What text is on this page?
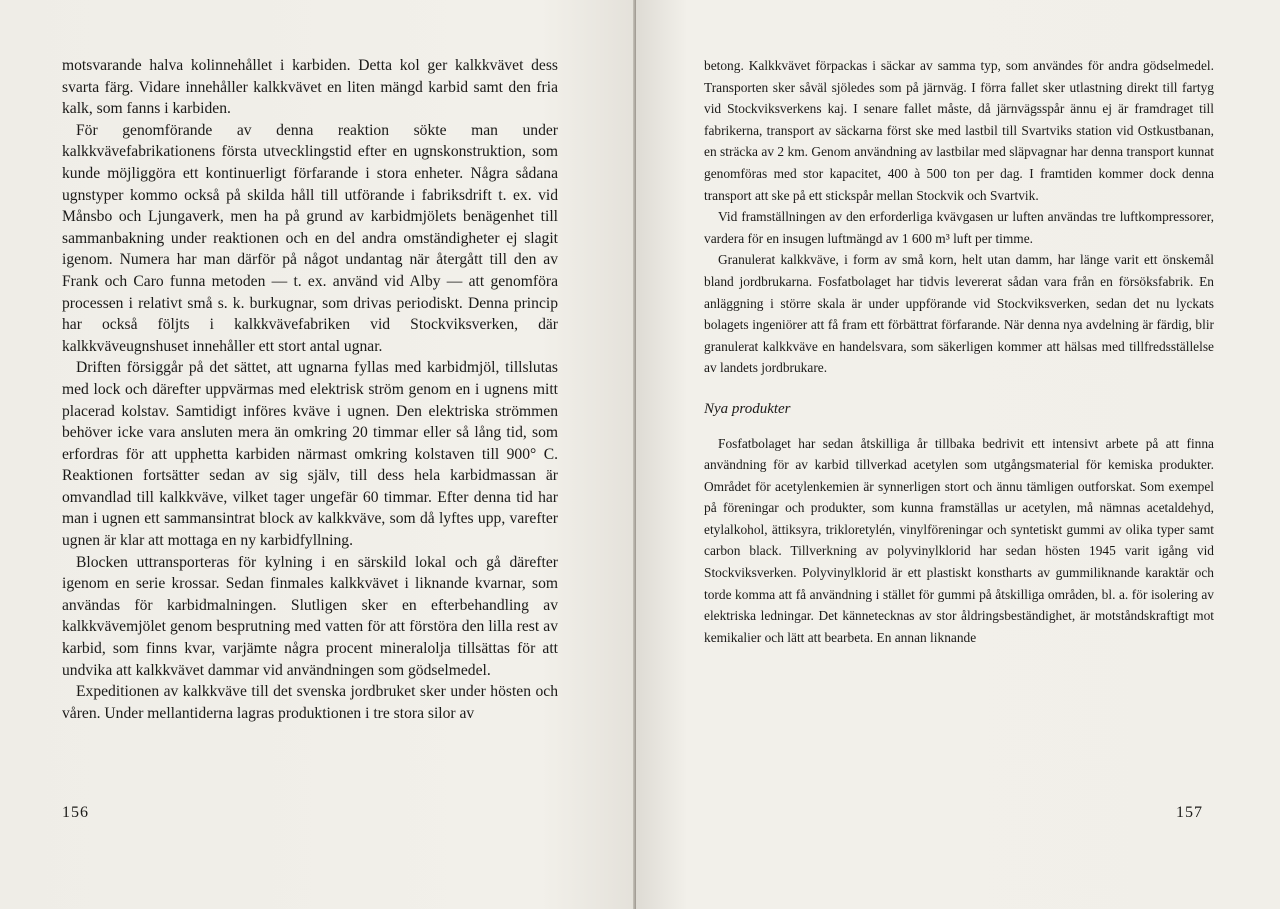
motsvarande halva kolinnehållet i karbiden. Detta kol ger kalkkvävet dess svarta färg. Vidare innehåller kalkkvävet en liten mängd karbid samt den fria kalk, som fanns i karbiden.

För genomförande av denna reaktion sökte man under kalkkvävefabrikationens första utvecklingstid efter en ugnskonstruktion, som kunde möjliggöra ett kontinuerligt förfarande i stora enheter. Några sådana ugnstyper kommo också på skilda håll till utförande i fabriksdrift t. ex. vid Månsbo och Ljungaverk, men ha på grund av karbidmjölets benägenhet till sammanbakning under reaktionen och en del andra omständigheter ej slagit igenom. Numera har man därför på något undantag när återgått till den av Frank och Caro funna metoden — t. ex. använd vid Alby — att genomföra processen i relativt små s. k. burkugnar, som drivas periodiskt. Denna princip har också följts i kalkkvävefabriken vid Stockviksverken, där kalkkväveugnshuset innehåller ett stort antal ugnar.

Driften försiggår på det sättet, att ugnarna fyllas med karbidmjöl, tillslutas med lock och därefter uppvärmas med elektrisk ström genom en i ugnens mitt placerad kolstav. Samtidigt införes kväve i ugnen. Den elektriska strömmen behöver icke vara ansluten mera än omkring 20 timmar eller så lång tid, som erfordras för att upphetta karbiden närmast omkring kolstaven till 900° C. Reaktionen fortsätter sedan av sig själv, till dess hela karbidmassan är omvandlad till kalkkväve, vilket tager ungefär 60 timmar. Efter denna tid har man i ugnen ett sammansintrat block av kalkkväve, som då lyftes upp, varefter ugnen är klar att mottaga en ny karbidfyllning.

Blocken uttransporteras för kylning i en särskild lokal och gå därefter igenom en serie krossar. Sedan finmales kalkkvävet i liknande kvarnar, som användas för karbidmalningen. Slutligen sker en efterbehandling av kalkkvävemjölet genom besprutning med vatten för att förstöra den lilla rest av karbid, som finns kvar, varjämte några procent mineralolja tillsättas för att undvika att kalkkvävet dammar vid användningen som gödselmedel.

Expeditionen av kalkkväve till det svenska jordbruket sker under hösten och våren. Under mellantiderna lagras produktionen i tre stora silor av

156

betong. Kalkkvävet förpackas i säckar av samma typ, som användes för andra gödselmedel. Transporten sker såväl sjöledes som på järnväg. I förra fallet sker utlastning direkt till fartyg vid Stockviksverkens kaj. I senare fallet måste, då järnvägsspår ännu ej är framdraget till fabrikerna, transport av säckarna först ske med lastbil till Svartviks station vid Ostkustbanan, en sträcka av 2 km. Genom användning av lastbilar med släpvagnar har denna transport kunnat genomföras med stor kapacitet, 400 à 500 ton per dag. I framtiden kommer dock denna transport att ske på ett stickspår mellan Stockvik och Svartvik.

Vid framställningen av den erforderliga kvävgasen ur luften användas tre luftkompressorer, vardera för en insugen luftmängd av 1 600 m³ luft per timme.

Granulerat kalkkväve, i form av små korn, helt utan damm, har länge varit ett önskemål bland jordbrukarna. Fosfatbolaget har tidvis levererat sådan vara från en försöksfabrik. En anläggning i större skala är under uppförande vid Stockviksverken, sedan det nu lyckats bolagets ingeniörer att få fram ett förbättrat förfarande. När denna nya avdelning är färdig, blir granulerat kalkkväve en handelsvara, som säkerligen kommer att hälsas med tillfredsställelse av landets jordbrukare.

Nya produkter

Fosfatbolaget har sedan åtskilliga år tillbaka bedrivit ett intensivt arbete på att finna användning för av karbid tillverkad acetylen som utgångsmaterial för kemiska produkter. Området för acetylenkemien är synnerligen stort och ännu tämligen outforskat. Som exempel på föreningar och produkter, som kunna framställas ur acetylen, må nämnas acetaldehyd, etylalkohol, ättiksyra, trikloretylén, vinylföreningar och syntetiskt gummi av olika typer samt carbon black. Tillverkning av polyvinylklorid har sedan hösten 1945 varit igång vid Stockviksverken. Polyvinylklorid är ett plastiskt konstharts av gummiliknande karaktär och torde komma att få användning i stället för gummi på åtskilliga områden, bl. a. för isolering av elektriska ledningar. Det kännetecknas av stor åldringsbeständighet, är motståndskraftigt mot kemikalier och lätt att bearbeta. En annan liknande

157
